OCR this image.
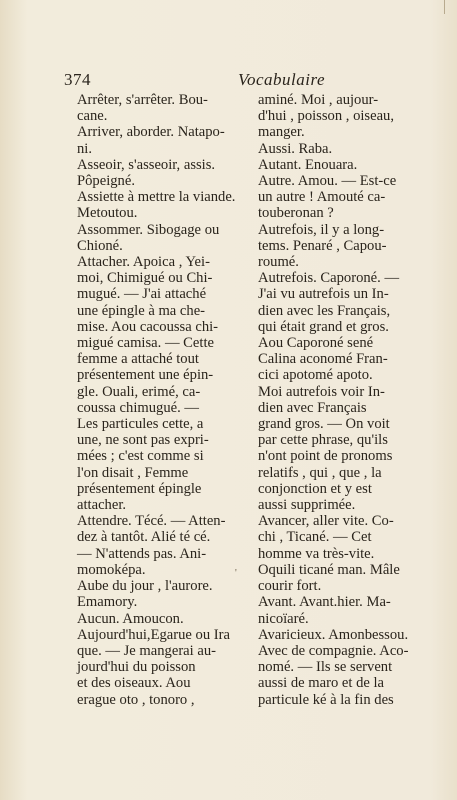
374	Vocabulaire
Arrêter, s'arrêter. Bou-
cane.
Arriver, aborder. Natapo-
ni.
Asseoir, s'asseoir, assis.
Pôpeigné.
Assiette à mettre la viande.
Metoutou.
Assommer. Sibogage ou
Chioné.
Attacher. Apoica , Yei-
moi, Chimigué ou Chi-
mugué. — J'ai attaché
une épingle à ma che-
mise. Aou cacoussa chi-
migué camisa. — Cette
femme a attaché tout
présentement une épin-
gle. Ouali, erimé, ca-
coussa chimugué. —
Les particules cette, a
une, ne sont pas expri-
mées ; c'est comme si
l'on disait , Femme
présentement épingle
attacher.
Attendre. Técé. — Atten-
dez à tantôt. Alié té cé.
— N'attends pas. Ani-
momoképa.
Aube du jour , l'aurore.
Emamory.
Aucun. Amoucon.
Aujourd'hui,Egarue ou Ira
que. — Je mangerai au-
jourd'hui du poisson
et des oiseaux. Aou
erague oto , tonoro ,
aminé. Moi , aujour-
d'hui , poisson , oiseau,
manger.
Aussi. Raba.
Autant. Enouara.
Autre. Amou. — Est-ce
un autre ! Amouté ca-
touberonan ?
Autrefois, il y a long-
tems. Penaré , Capou-
roumé.
Autrefois. Caporoné. —
J'ai vu autrefois un In-
dien avec les Français,
qui était grand et gros.
Aou Caporoné sené
Calina aconomé Fran-
cici apotomé apoto.
Moi autrefois voir In-
dien avec Français
grand gros. — On voit
par cette phrase, qu'ils
n'ont point de pronoms
relatifs , qui , que , la
conjonction et y est
aussi supprimée.
Avancer, aller vite. Co-
chi , Ticané. — Cet
homme va très-vite.
Oquili ticané man. Mâle
courir fort.
Avant. Avant.hier. Ma-
nicoïaré.
Avaricieux. Amonbessou.
Avec de compagnie. Aco-
nomé. — Ils se servent
aussi de maro et de la
particule ké à la fin des
'
